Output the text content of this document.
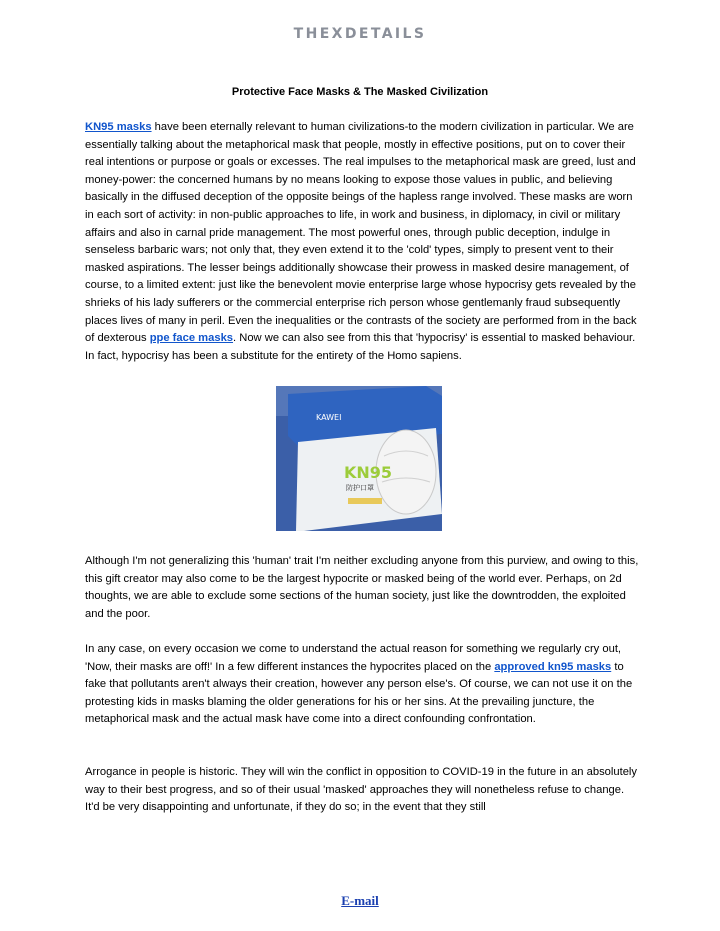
THEXDETAILS
Protective Face Masks & The Masked Civilization

KN95 masks have been eternally relevant to human civilizations-to the modern civilization in particular. We are essentially talking about the metaphorical mask that people, mostly in effective positions, put on to cover their real intentions or purpose or goals or excesses. The real impulses to the metaphorical mask are greed, lust and money-power: the concerned humans by no means looking to expose those values in public, and believing basically in the diffused deception of the opposite beings of the hapless range involved. These masks are worn in each sort of activity: in non-public approaches to life, in work and business, in diplomacy, in civil or military affairs and also in carnal pride management. The most powerful ones, through public deception, indulge in senseless barbaric wars; not only that, they even extend it to the 'cold' types, simply to present vent to their masked aspirations. The lesser beings additionally showcase their prowess in masked desire management, of course, to a limited extent: just like the benevolent movie enterprise large whose hypocrisy gets revealed by the shrieks of his lady sufferers or the commercial enterprise rich person whose gentlemanly fraud subsequently places lives of many in peril. Even the inequalities or the contrasts of the society are performed from in the back of dexterous ppe face masks. Now we can also see from this that 'hypocrisy' is essential to masked behaviour. In fact, hypocrisy has been a substitute for the entirety of the Homo sapiens.

KAWEI
KN95
防护口罩

Although I'm not generalizing this 'human' trait I'm neither excluding anyone from this purview, and owing to this, this gift creator may also come to be the largest hypocrite or masked being of the world ever. Perhaps, on 2d thoughts, we are able to exclude some sections of the human society, just like the downtrodden, the exploited and the poor.

In any case, on every occasion we come to understand the actual reason for something we regularly cry out, 'Now, their masks are off!' In a few different instances the hypocrites placed on the approved kn95 masks to fake that pollutants aren't always their creation, however any person else's. Of course, we can not use it on the protesting kids in masks blaming the older generations for his or her sins. At the prevailing juncture, the metaphorical mask and the actual mask have come into a direct confounding confrontation.

Arrogance in people is historic. They will win the conflict in opposition to COVID-19 in the future in an absolutely way to their best progress, and so of their usual 'masked' approaches they will nonetheless refuse to change. It'd be very disappointing and unfortunate, if they do so; in the event that they still

E-mail
